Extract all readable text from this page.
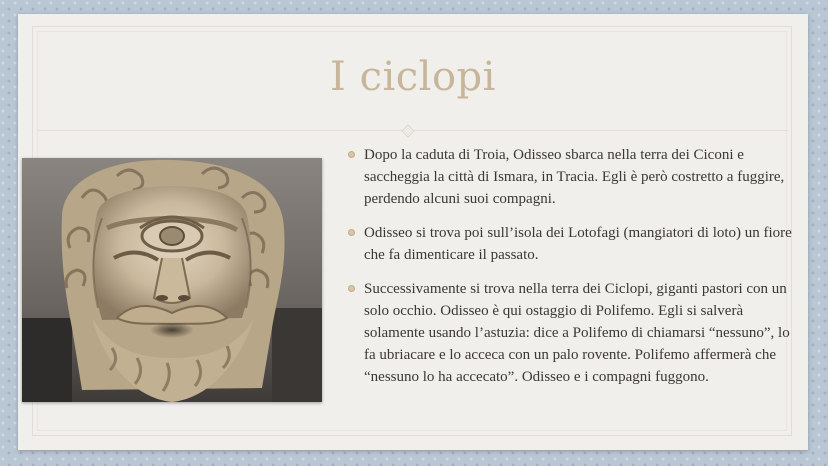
I ciclopi
Dopo la caduta di Troia, Odisseo sbarca nella terra dei Ciconi e saccheggia la città di Ismara, in Tracia. Egli è però costretto a fuggire, perdendo alcuni suoi compagni.
Odisseo si trova poi sull’isola dei Lotofagi (mangiatori di loto) un fiore che fa dimenticare il passato.
Successivamente si trova nella terra dei Ciclopi, giganti pastori con un solo occhio. Odisseo è qui ostaggio di Polifemo. Egli si salverà solamente usando l’astuzia: dice a Polifemo di chiamarsi “nessuno”, lo fa ubriacare e lo acceca con un palo rovente. Polifemo affermerà che “nessuno lo ha accecato”. Odisseo e i compagni fuggono.
